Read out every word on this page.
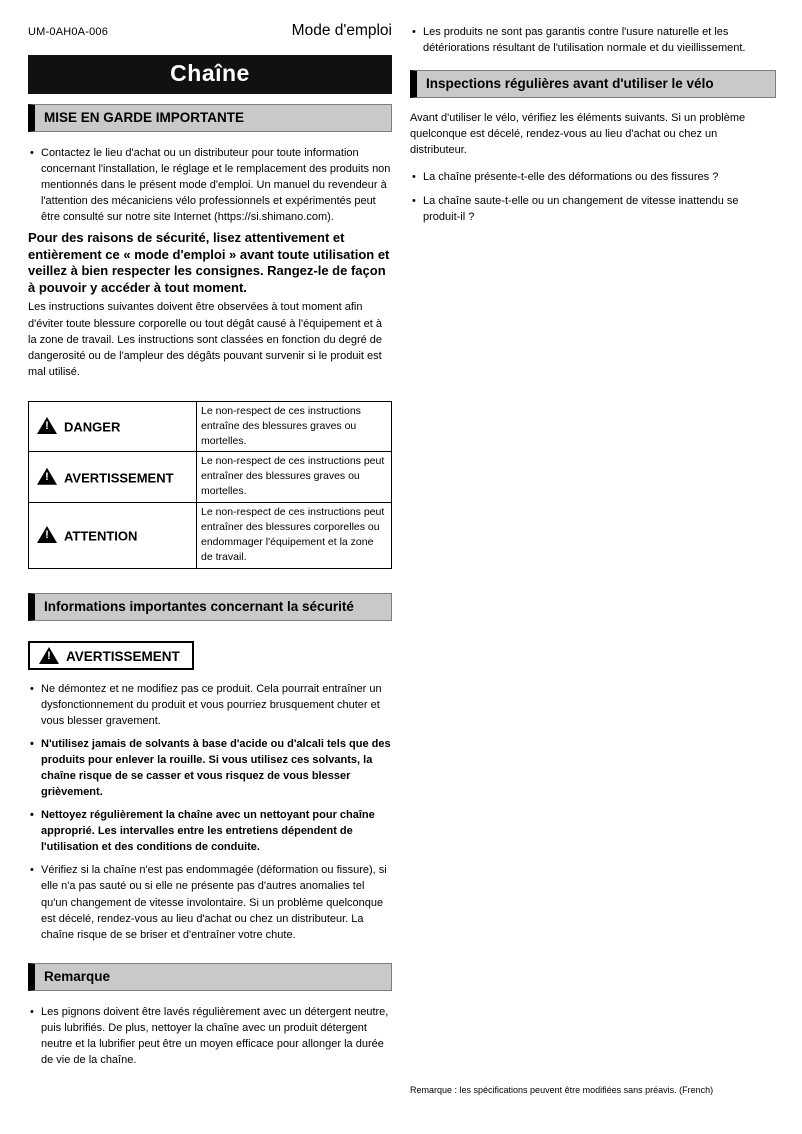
UM-0AH0A-006	Mode d'emploi
Chaîne
MISE EN GARDE IMPORTANTE
• Contactez le lieu d'achat ou un distributeur pour toute information concernant l'installation, le réglage et le remplacement des produits non mentionnés dans le présent mode d'emploi. Un manuel du revendeur à l'attention des mécaniciens vélo professionnels et expérimentés peut être consulté sur notre site Internet (https://si.shimano.com).

Pour des raisons de sécurité, lisez attentivement et entièrement ce « mode d'emploi » avant toute utilisation et veillez à bien respecter les consignes. Rangez-le de façon à pouvoir y accéder à tout moment.

Les instructions suivantes doivent être observées à tout moment afin d'éviter toute blessure corporelle ou tout dégât causé à l'équipement et à la zone de travail. Les instructions sont classées en fonction du degré de dangerosité ou de l'ampleur des dégâts pouvant survenir si le produit est mal utilisé.

!DANGER	Le non-respect de ces instructions entraîne des blessures graves ou mortelles.
!AVERTISSEMENT	Le non-respect de ces instructions peut entraîner des blessures graves ou mortelles.
!ATTENTION	Le non-respect de ces instructions peut entraîner des blessures corporelles ou endommager l'équipement et la zone de travail.
Informations importantes concernant la sécurité
!AVERTISSEMENT
• Ne démontez et ne modifiez pas ce produit. Cela pourrait entraîner un dysfonctionnement du produit et vous pourriez brusquement chuter et vous blesser gravement.
• N'utilisez jamais de solvants à base d'acide ou d'alcali tels que des produits pour enlever la rouille. Si vous utilisez ces solvants, la chaîne risque de se casser et vous risquez de vous blesser grièvement.
• Nettoyez régulièrement la chaîne avec un nettoyant pour chaîne approprié. Les intervalles entre les entretiens dépendent de l'utilisation et des conditions de conduite.
• Vérifiez si la chaîne n'est pas endommagée (déformation ou fissure), si elle n'a pas sauté ou si elle ne présente pas d'autres anomalies tel qu'un changement de vitesse involontaire. Si un problème quelconque est décelé, rendez-vous au lieu d'achat ou chez un distributeur. La chaîne risque de se briser et d'entraîner votre chute.
Remarque
• Les pignons doivent être lavés régulièrement avec un détergent neutre, puis lubrifiés. De plus, nettoyer la chaîne avec un produit détergent neutre et la lubrifier peut être un moyen efficace pour allonger la durée de vie de la chaîne.
• Les produits ne sont pas garantis contre l'usure naturelle et les détériorations résultant de l'utilisation normale et du vieillissement.
Inspections régulières avant d'utiliser le vélo

Avant d'utiliser le vélo, vérifiez les éléments suivants. Si un problème quelconque est décelé, rendez-vous au lieu d'achat ou chez un distributeur.

• La chaîne présente-t-elle des déformations ou des fissures ?
• La chaîne saute-t-elle ou un changement de vitesse inattendu se produit-il ?
Remarque : les spécifications peuvent être modifiées sans préavis. (French)
